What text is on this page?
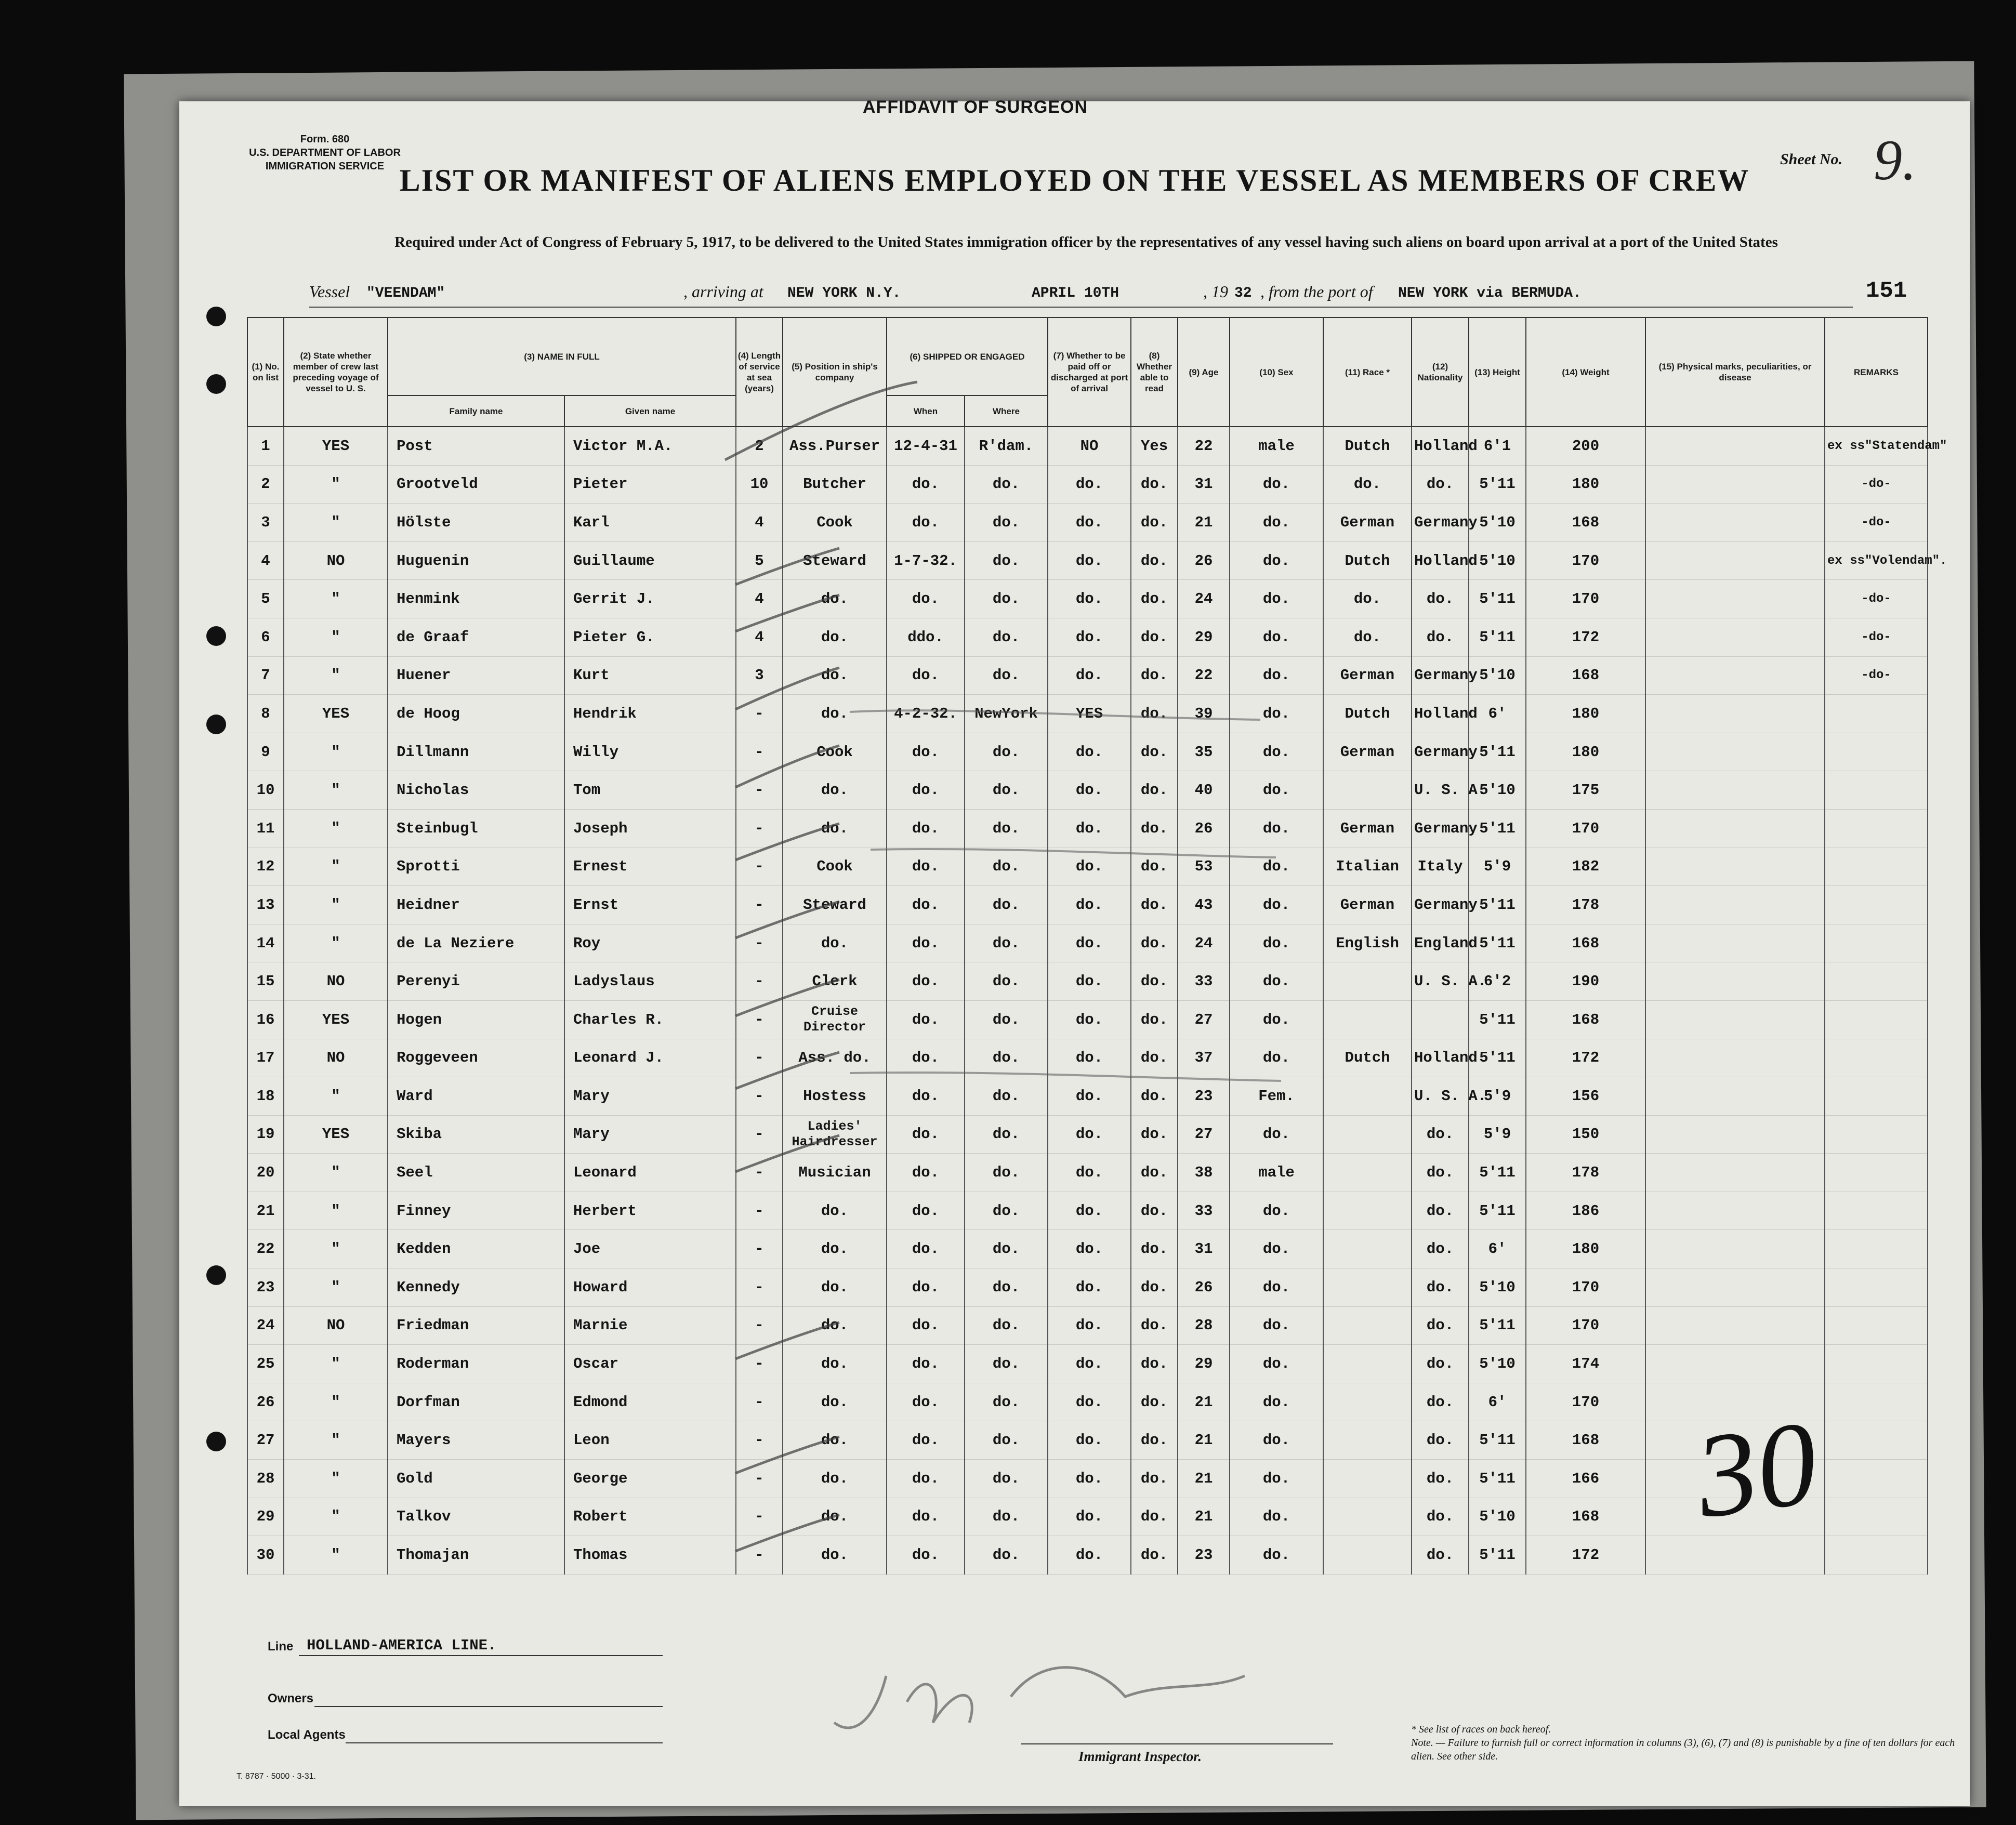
AFFIDAVIT OF SURGEON
Form. 680
U.S. DEPARTMENT OF LABOR
IMMIGRATION SERVICE LIST OR MANIFEST OF ALIENS EMPLOYED ON THE VESSEL AS MEMBERS OF CREW
Required under Act of Congress of February 5, 1917, to be delivered to the United States immigration officer by the representatives of any vessel having such aliens on board upon arrival at a port of the United States
Sheet No. 9.
Vessel "VEENDAM"	, arriving at NEW YORK N.Y.	APRIL 10TH	, 19 32 , from the port of NEW YORK via BERMUDA.	151
(1) No. on list	(2) State whether member of crew last preceding voyage of vessel to U. S.	(3) NAME IN FULL		(4) Length of service at sea (years)	(5) Position in ship's company	(6) SHIPPED OR ENGAGED		(7) Whether to be paid off or discharged at port of arrival	(8) Whether able to read	(9) Age	(10) Sex	(11) Race *	(12) Nationality	(13) Height	(14) Weight	(15) Physical marks, peculiarities, or disease	REMARKS
		Family name	Given name			When	Where										
1	YES	Post	Victor M.A.	2	Ass.Purser	12-4-31	R'dam.	NO	Yes	22	male	Dutch	Holland	6'1	200		ex ss"Statendam"
2	"	Grootveld	Pieter	10	Butcher	do.	do.	do.	do.	31	do.	do.	do.	5'11	180		-do-
3	"	Hölste	Karl	4	Cook	do.	do.	do.	do.	21	do.	German	Germany	5'10	168		-do-
4	NO	Huguenin	Guillaume	5	Steward	1-7-32.	do.	do.	do.	26	do.	Dutch	Holland	5'10	170		ex ss"Volendam".
5	"	Henmink	Gerrit J.	4	do.	do.	do.	do.	do.	24	do.	do.	do.	5'11	170		-do-
6	"	de Graaf	Pieter G.	4	do.	ddo.	do.	do.	do.	29	do.	do.	do.	5'11	172		-do-
7	"	Huener	Kurt	3	do.	do.	do.	do.	do.	22	do.	German	Germany	5'10	168		-do-
8	YES	de Hoog	Hendrik	-	do.	4-2-32.	NewYork	YES	do.	39	do.	Dutch	Holland	6'	180		
9	"	Dillmann	Willy	-	Cook	do.	do.	do.	do.	35	do.	German	Germany	5'11	180		
10	"	Nicholas	Tom	-	do.	do.	do.	do.	do.	40	do.		U. S. A.	5'10	175		
11	"	Steinbugl	Joseph	-	do.	do.	do.	do.	do.	26	do.	German	Germany	5'11	170		
12	"	Sprotti	Ernest	-	Cook	do.	do.	do.	do.	53	do.	Italian	Italy	5'9	182		
13	"	Heidner	Ernst	-	Steward	do.	do.	do.	do.	43	do.	German	Germany	5'11	178		
14	"	de La Neziere	Roy	-	do.	do.	do.	do.	do.	24	do.	English	England	5'11	168		
15	NO	Perenyi	Ladyslaus	-	Clerk	do.	do.	do.	do.	33	do.		U. S. A.	6'2	190		
16	YES	Hogen	Charles R.	-	Cruise Director	do.	do.	do.	do.	27	do.			5'11	168		
17	NO	Roggeveen	Leonard J.	-	Ass. do.	do.	do.	do.	do.	37	do.	Dutch	Holland	5'11	172		
18	"	Ward	Mary	-	Hostess	do.	do.	do.	do.	23	Fem.		U. S. A.	5'9	156		
19	YES	Skiba	Mary	-	Ladies' Hairdresser	do.	do.	do.	do.	27	do.		do.	5'9	150		
20	"	Seel	Leonard	-	Musician	do.	do.	do.	do.	38	male		do.	5'11	178		
21	"	Finney	Herbert	-	do.	do.	do.	do.	do.	33	do.		do.	5'11	186		
22	"	Kedden	Joe	-	do.	do.	do.	do.	do.	31	do.		do.	6'	180		
23	"	Kennedy	Howard	-	do.	do.	do.	do.	do.	26	do.		do.	5'10	170		
24	NO	Friedman	Marnie	-	do.	do.	do.	do.	do.	28	do.		do.	5'11	170		
25	"	Roderman	Oscar	-	do.	do.	do.	do.	do.	29	do.		do.	5'10	174		
26	"	Dorfman	Edmond	-	do.	do.	do.	do.	do.	21	do.		do.	6'	170		
27	"	Mayers	Leon	-	do.	do.	do.	do.	do.	21	do.		do.	5'11	168		
28	"	Gold	George	-	do.	do.	do.	do.	do.	21	do.		do.	5'11	166		
29	"	Talkov	Robert	-	do.	do.	do.	do.	do.	21	do.		do.	5'10	168		
30	"	Thomajan	Thomas	-	do.	do.	do.	do.	do.	23	do.		do.	5'11	172		
Line HOLLAND-AMERICA LINE.
Owners
Local Agents
Immigrant Inspector.
* See list of races on back hereof.
Note. — Failure to furnish full or correct information in columns (3), (6), (7) and (8) is punishable by a fine of ten dollars for each alien. See other side.
T. 8787 · 5000 · 3-31.
30
